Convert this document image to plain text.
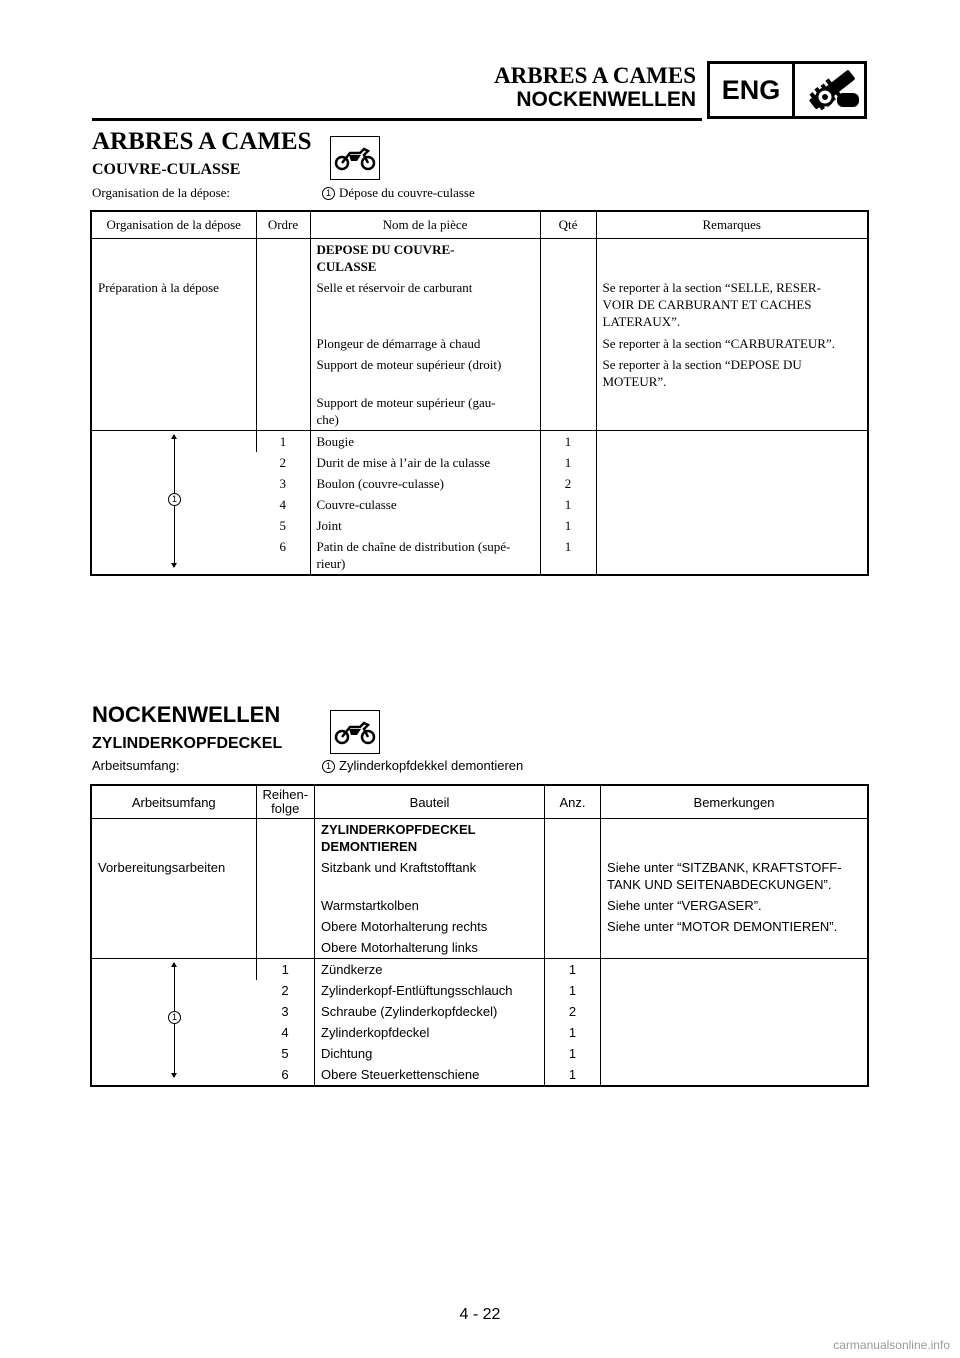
ARBRES A CAMES
NOCKENWELLEN ENG
ARBRES A CAMES
COUVRE-CULASSE
Organisation de la dépose:	1 Dépose du couvre-culasse
Organisation de la dépose	Ordre	Nom de la pièce	Qté	Remarques
		DEPOSE DU COUVRE-
CULASSE		
Préparation à la dépose		Selle et réservoir de carburant		Se reporter à la section “SELLE, RESER-
VOIR DE CARBURANT ET CACHES
LATERAUX”.
		Plongeur de démarrage à chaud		Se reporter à la section “CARBURATEUR”.
		Support de moteur supérieur (droit)		Se reporter à la section “DEPOSE DU
MOTEUR”.
		Support de moteur supérieur (gau-
che)		

1	1	Bougie	1	
	2	Durit de mise à l’air de la culasse	1	
	3	Boulon (couvre-culasse)	2	
	4	Couvre-culasse	1	
	5	Joint	1	
	6	Patin de chaîne de distribution (supé-
rieur)	1	
NOCKENWELLEN
ZYLINDERKOPFDECKEL
Arbeitsumfang:	1 Zylinderkopfdekkel demontieren
Arbeitsumfang	Reihen-
folge	Bauteil	Anz.	Bemerkungen
		ZYLINDERKOPFDECKEL
DEMONTIEREN		
Vorbereitungsarbeiten		Sitzbank und Kraftstofftank		Siehe unter “SITZBANK, KRAFTSTOFF-
TANK UND SEITENABDECKUNGEN”.
		Warmstartkolben		Siehe unter “VERGASER”.
		Obere Motorhalterung rechts		Siehe unter “MOTOR DEMONTIEREN”.
		Obere Motorhalterung links		

1	1	Zündkerze	1	
	2	Zylinderkopf-Entlüftungsschlauch	1	
	3	Schraube (Zylinderkopfdeckel)	2	
	4	Zylinderkopfdeckel	1	
	5	Dichtung	1	
	6	Obere Steuerkettenschiene	1	
4 - 22
carmanualsonline.info
